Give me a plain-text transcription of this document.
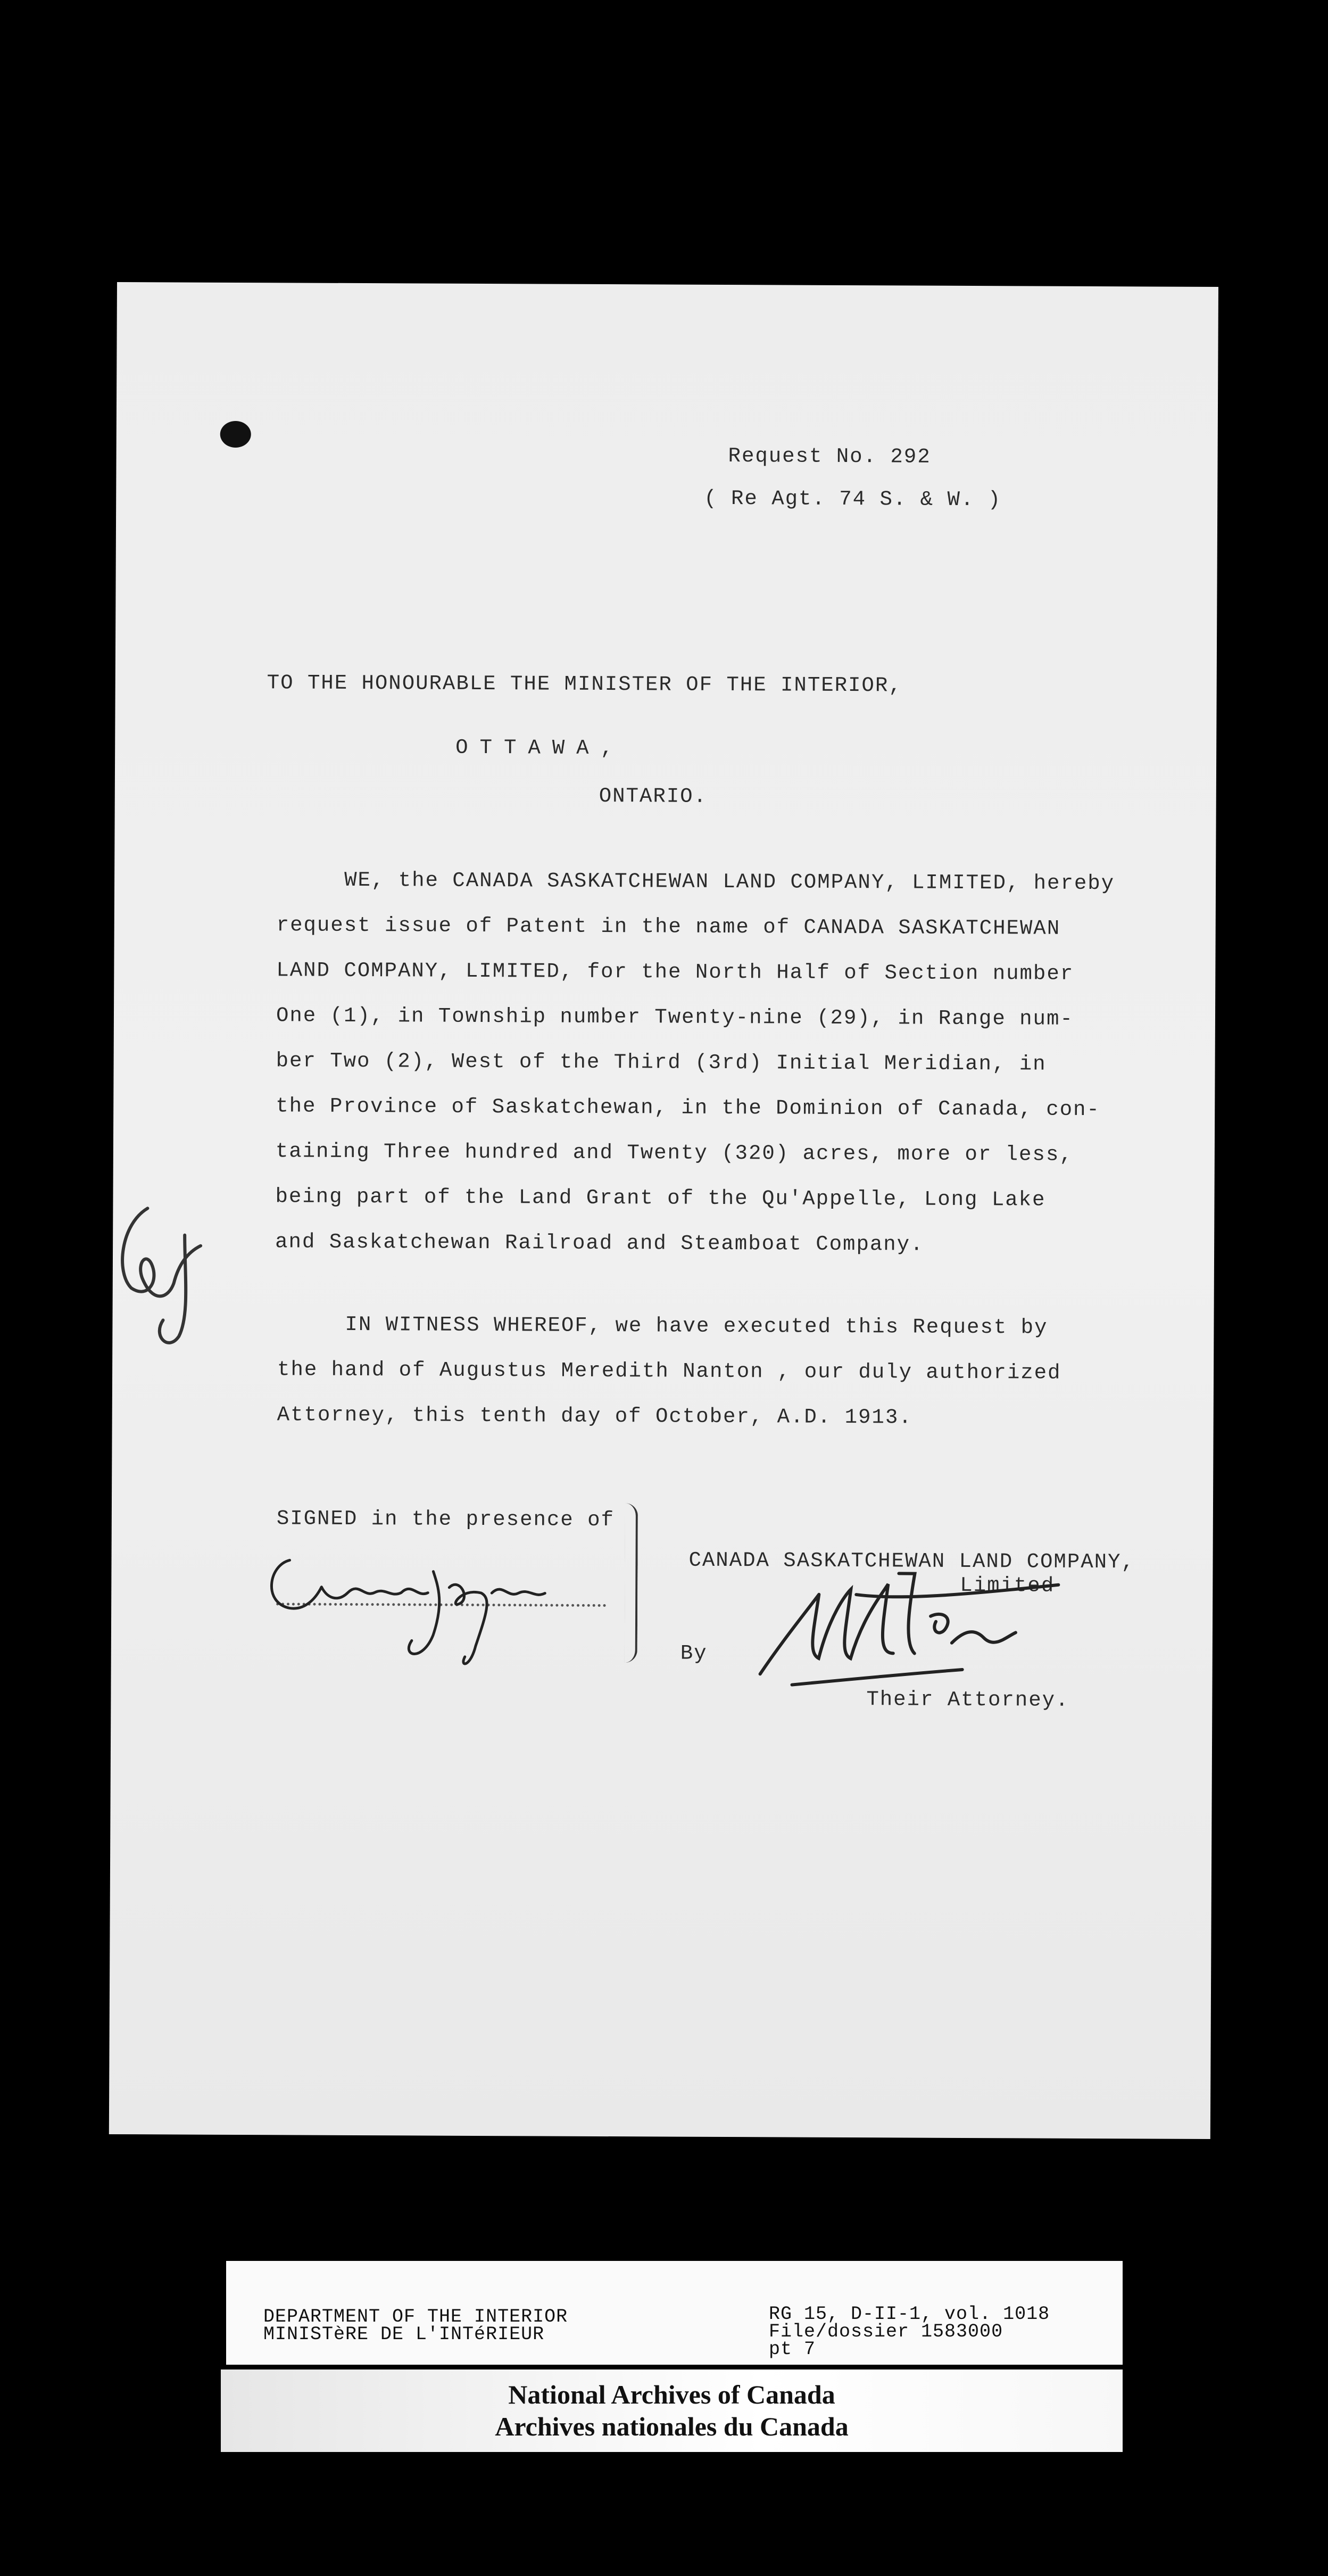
Request No. 292
( Re Agt. 74 S. & W. )
TO THE HONOURABLE THE MINISTER OF THE INTERIOR,
OTTAWA,
ONTARIO.
WE, the CANADA SASKATCHEWAN LAND COMPANY, LIMITED, hereby
request issue of Patent in the name of CANADA SASKATCHEWAN
LAND COMPANY, LIMITED, for the North Half of Section number
One (1), in Township number Twenty-nine (29), in Range num-
ber Two (2), West of the Third (3rd) Initial Meridian, in
the Province of Saskatchewan, in the Dominion of Canada, con-
taining Three hundred and Twenty (320) acres, more or less,
being part of the Land Grant of the Qu'Appelle, Long Lake
and Saskatchewan Railroad and Steamboat Company.
IN WITNESS WHEREOF, we have executed this Request by
the hand of Augustus Meredith Nanton , our duly authorized
Attorney, this tenth day of October, A.D. 1913.
SIGNED in the presence of
CANADA SASKATCHEWAN LAND COMPANY,
Limited
By
Their Attorney.
DEPARTMENT OF THE INTERIOR
MINISTèRE DE L'INTéRIEUR
RG 15, D-II-1, vol. 1018
File/dossier 1583000
pt 7
National Archives of Canada
Archives nationales du Canada
